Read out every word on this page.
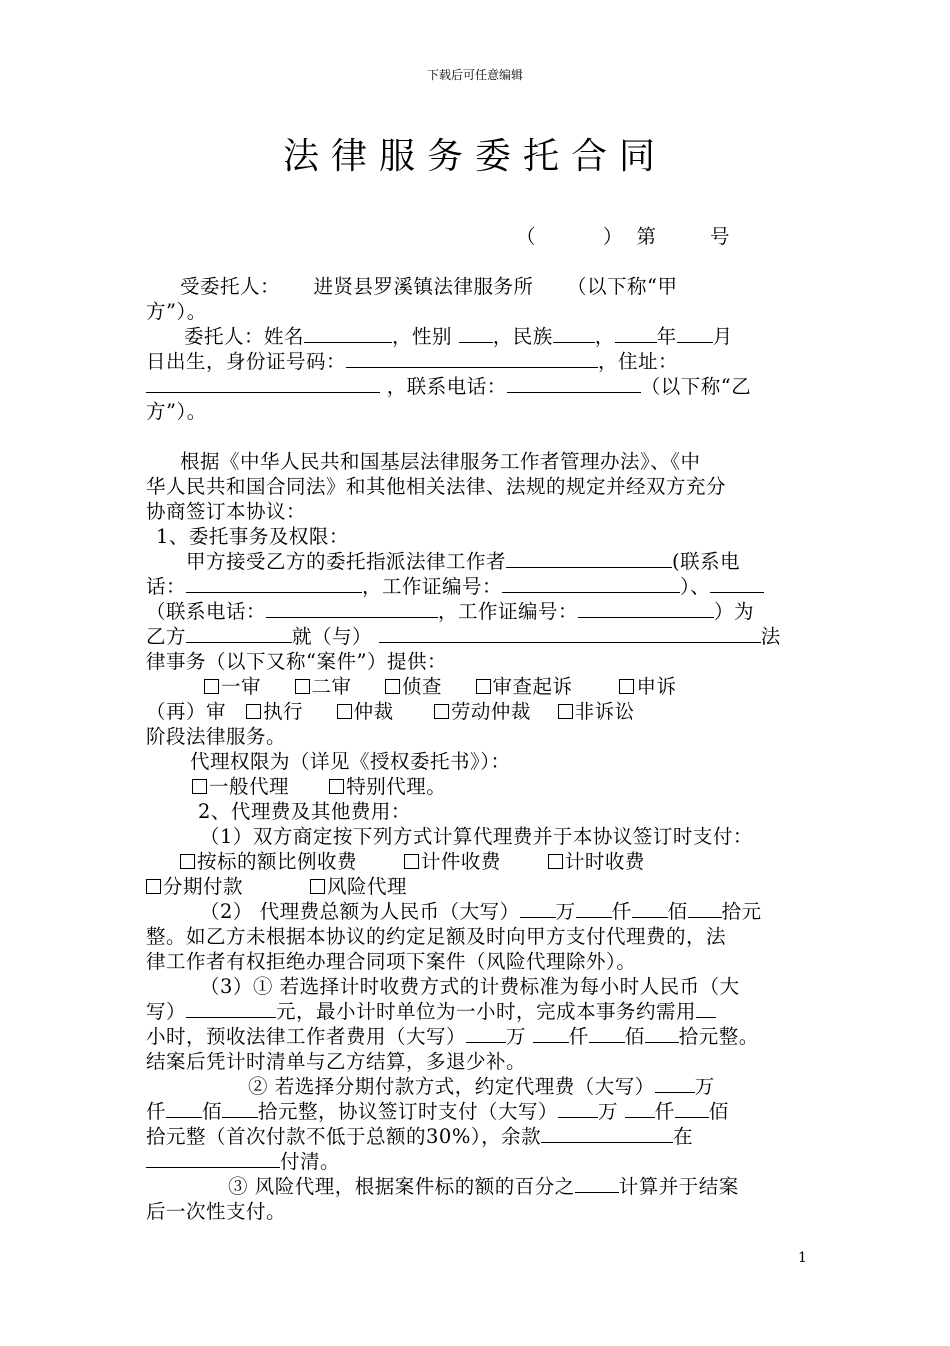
下载后可任意编辑
法律服务委托合同
（	） 第	号
受委托人： 进贤县罗溪镇法律服务所 （以下称“甲
方”）。
委托人：姓名	，性别 ，民族 ， 年 月
日出生，身份证号码：	，住址：
，联系电话：	（以下称“乙
方”）。
根据《中华人民共和国基层法律服务工作者管理办法》、《中
华人民共和国合同法》和其他相关法律、法规的规定并经双方充分
协商签订本协议：
1、委托事务及权限：
甲方接受乙方的委托指派法律工作者	(联系电
话：	，工作证编号：	）、
（联系电话：	，工作证编号：	）为
乙方	就（与）	法
律事务（以下又称“案件”）提供：
一审	二审	侦查	审查起诉	申诉
（再）审 执行	仲裁	劳动仲裁 非诉讼
阶段法律服务。
代理权限为（详见《授权委托书》）：
一般代理	特别代理。
2、代理费及其他费用：
（1）双方商定按下列方式计算代理费并于本协议签订时支付：
按标的额比例收费	计件收费	计时收费
分期付款	风险代理
（2） 代理费总额为人民币（大写） 万 仟 佰 拾元
整。如乙方未根据本协议的约定足额及时向甲方支付代理费的，法
律工作者有权拒绝办理合同项下案件（风险代理除外）。
（3）① 若选择计时收费方式的计费标准为每小时人民币（大
写）	元，最小计时单位为一小时，完成本事务约需用
小时，预收法律工作者费用（大写） 万 仟 佰 拾元整。
结案后凭计时清单与乙方结算，多退少补。
② 若选择分期付款方式，约定代理费（大写） 万
仟 佰 拾元整，协议签订时支付（大写） 万 仟 佰
拾元整（首次付款不低于总额的30%），余款	在
付清。
③ 风险代理，根据案件标的额的百分之 计算并于结案
后一次性支付。
1
